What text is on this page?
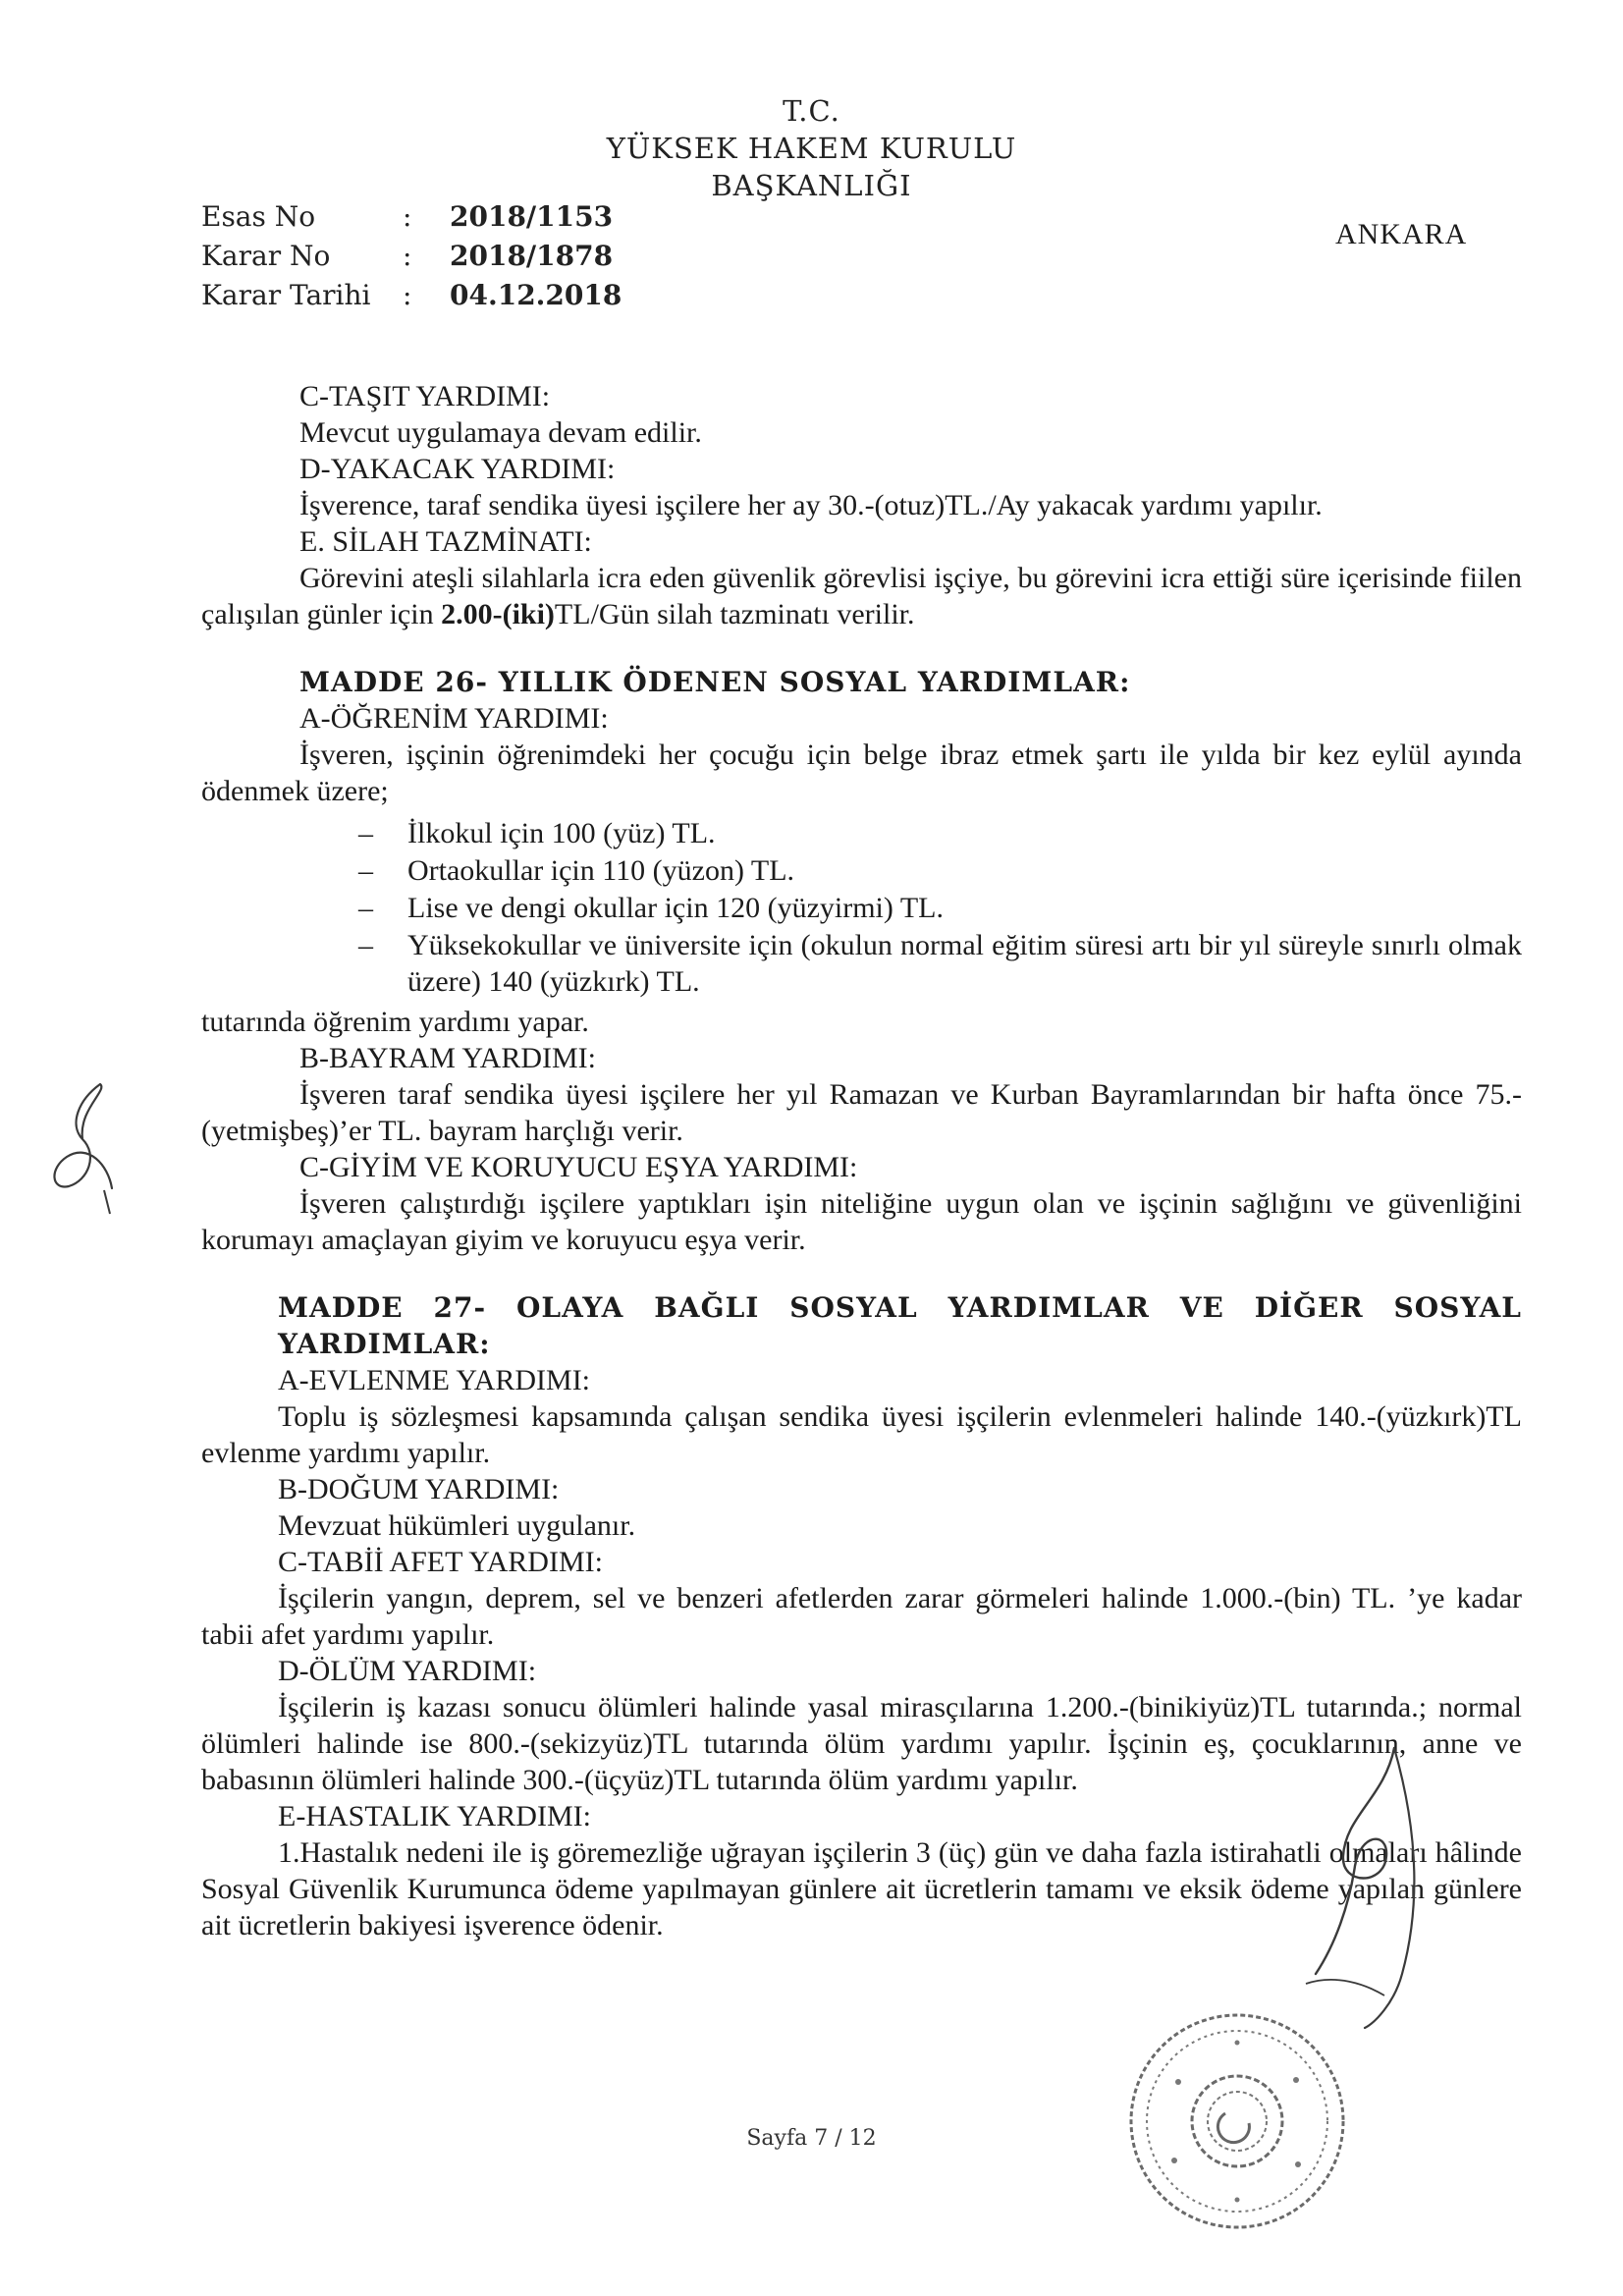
T.C.
YÜKSEK HAKEM KURULU
BAŞKANLIĞI
Esas No	: 2018/1153
Karar No	: 2018/1878
Karar Tarihi : 04.12.2018
ANKARA

C-TAŞIT YARDIMI:

Mevcut uygulamaya devam edilir.

D-YAKACAK YARDIMI:

İşverence, taraf sendika üyesi işçilere her ay 30.-(otuz)TL./Ay yakacak yardımı yapılır.

E. SİLAH TAZMİNATI:

Görevini ateşli silahlarla icra eden güvenlik görevlisi işçiye, bu görevini icra ettiği süre içerisinde fiilen çalışılan günler için 2.00-(iki)TL/Gün silah tazminatı verilir.

MADDE 26- YILLIK ÖDENEN SOSYAL YARDIMLAR:

A-ÖĞRENİM YARDIMI:

İşveren, işçinin öğrenimdeki her çocuğu için belge ibraz etmek şartı ile yılda bir kez eylül ayında ödenmek üzere;

– İlkokul için 100 (yüz) TL.
– Ortaokullar için 110 (yüzon) TL.
– Lise ve dengi okullar için 120 (yüzyirmi) TL.
– Yüksekokullar ve üniversite için (okulun normal eğitim süresi artı bir yıl süreyle sınırlı olmak üzere) 140 (yüzkırk) TL.

tutarında öğrenim yardımı yapar.

B-BAYRAM YARDIMI:

İşveren taraf sendika üyesi işçilere her yıl Ramazan ve Kurban Bayramlarından bir hafta önce 75.-(yetmişbeş)’er TL. bayram harçlığı verir.

C-GİYİM VE KORUYUCU EŞYA YARDIMI:

İşveren çalıştırdığı işçilere yaptıkları işin niteliğine uygun olan ve işçinin sağlığını ve güvenliğini korumayı amaçlayan giyim ve koruyucu eşya verir.

MADDE 27- OLAYA BAĞLI SOSYAL YARDIMLAR VE DİĞER SOSYAL

YARDIMLAR:

A-EVLENME YARDIMI:

Toplu iş sözleşmesi kapsamında çalışan sendika üyesi işçilerin evlenmeleri halinde 140.-(yüzkırk)TL evlenme yardımı yapılır.

B-DOĞUM YARDIMI:

Mevzuat hükümleri uygulanır.

C-TABİİ AFET YARDIMI:

İşçilerin yangın, deprem, sel ve benzeri afetlerden zarar görmeleri halinde 1.000.-(bin) TL. ’ye kadar tabii afet yardımı yapılır.

D-ÖLÜM YARDIMI:

İşçilerin iş kazası sonucu ölümleri halinde yasal mirasçılarına 1.200.-(binikiyüz)TL tutarında.; normal ölümleri halinde ise 800.-(sekizyüz)TL tutarında ölüm yardımı yapılır. İşçinin eş, çocuklarının, anne ve babasının ölümleri halinde 300.-(üçyüz)TL tutarında ölüm yardımı yapılır.

E-HASTALIK YARDIMI:

1.Hastalık nedeni ile iş göremezliğe uğrayan işçilerin 3 (üç) gün ve daha fazla istirahatli olmaları hâlinde Sosyal Güvenlik Kurumunca ödeme yapılmayan günlere ait ücretlerin tamamı ve eksik ödeme yapılan günlere ait ücretlerin bakiyesi işverence ödenir.

Sayfa 7 / 12
